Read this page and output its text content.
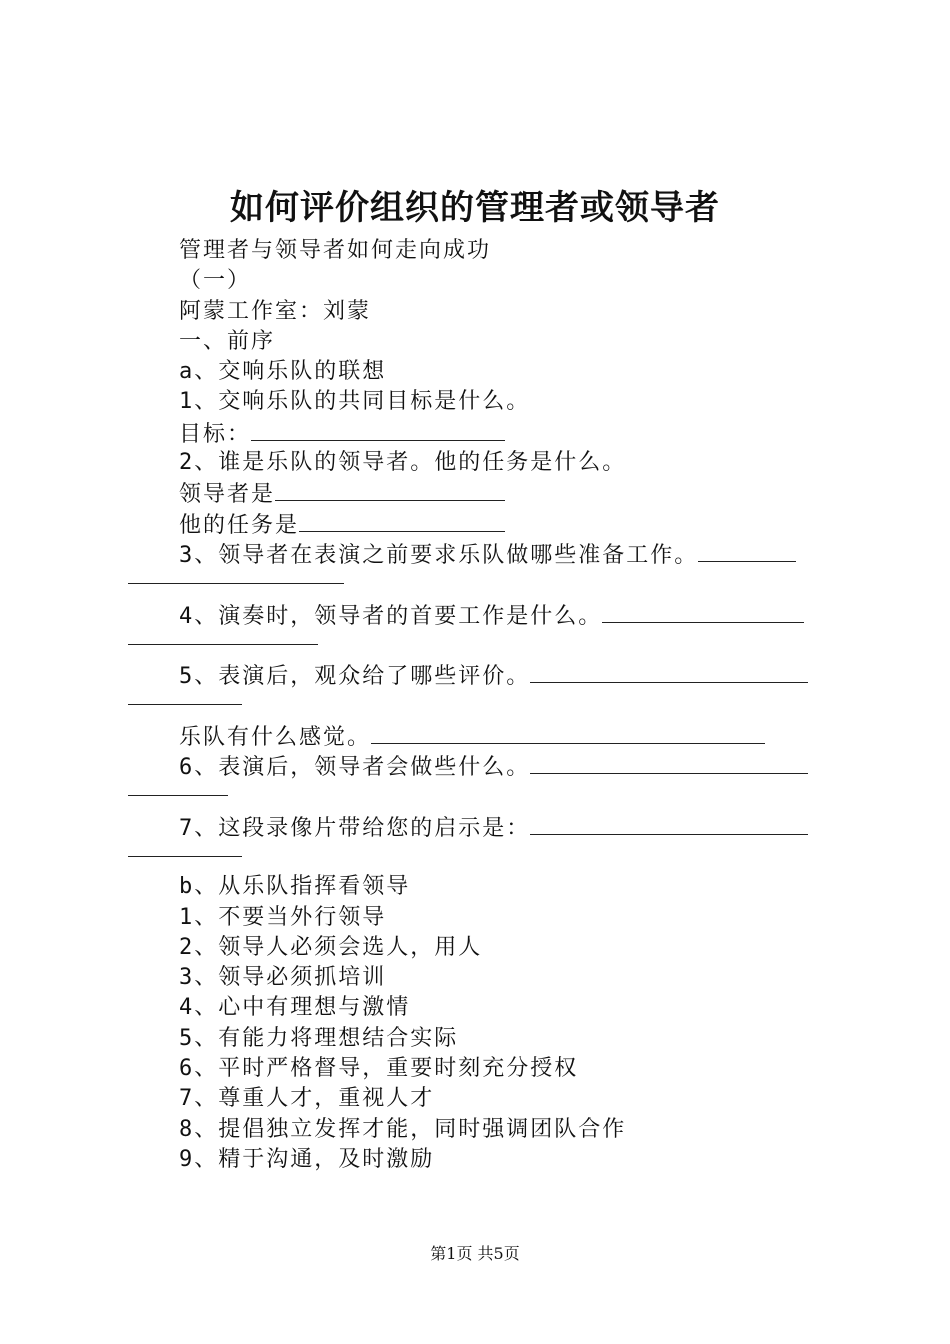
如何评价组织的管理者或领导者
管理者与领导者如何走向成功
（一）
阿蒙工作室：刘蒙
一、前序
a、交响乐队的联想
1、交响乐队的共同目标是什么。
目标：
2、谁是乐队的领导者。他的任务是什么。
领导者是
他的任务是
3、领导者在表演之前要求乐队做哪些准备工作。
4、演奏时，领导者的首要工作是什么。
5、表演后，观众给了哪些评价。
乐队有什么感觉。
6、表演后，领导者会做些什么。
7、这段录像片带给您的启示是：
b、从乐队指挥看领导
1、不要当外行领导
2、领导人必须会选人，用人
3、领导必须抓培训
4、心中有理想与激情
5、有能力将理想结合实际
6、平时严格督导，重要时刻充分授权
7、尊重人才，重视人才
8、提倡独立发挥才能，同时强调团队合作
9、精于沟通，及时激励
第1页 共5页
